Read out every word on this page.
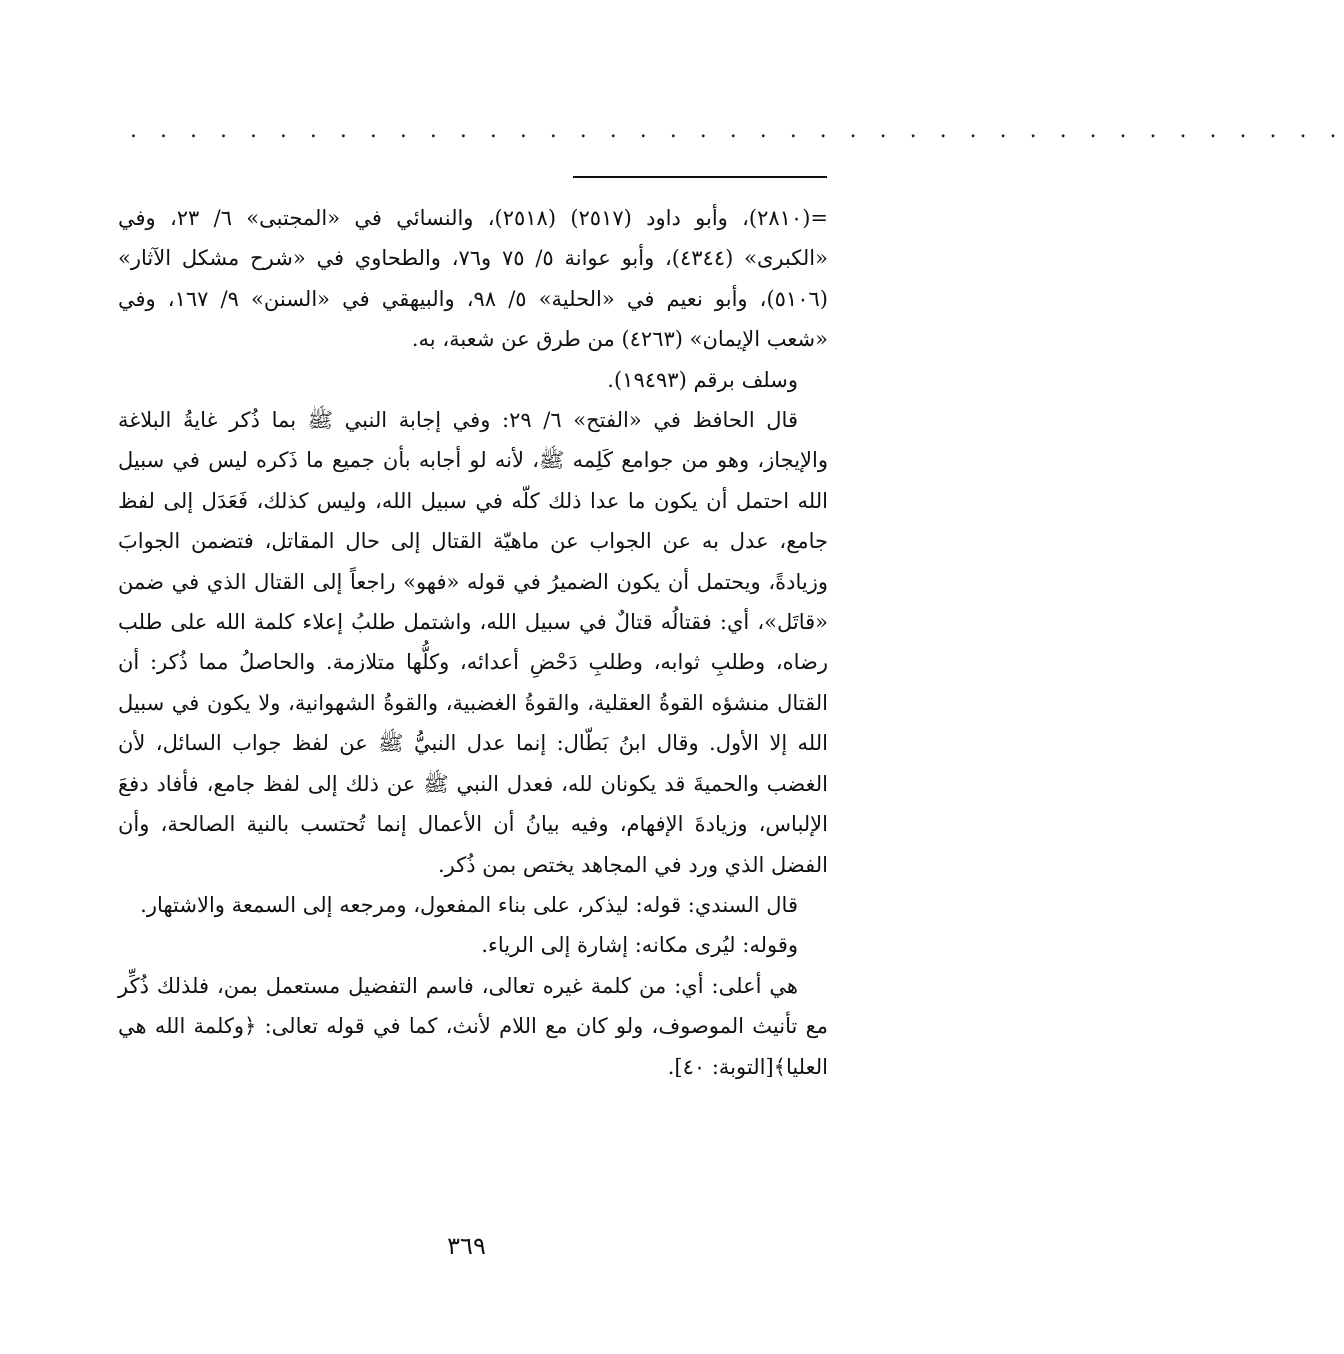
. . . . . . . . . . . . . . . . . . . . . . . . . . . . . . . . . . . . . . . . .

=(٢٨١٠)، وأبو داود (٢٥١٧) (٢٥١٨)، والنسائي في «المجتبى» ٦/ ٢٣، وفي «الكبرى» (٤٣٤٤)، وأبو عوانة ٥/ ٧٥ و٧٦، والطحاوي في «شرح مشكل الآثار» (٥١٠٦)، وأبو نعيم في «الحلية» ٥/ ٩٨، والبيهقي في «السنن» ٩/ ١٦٧، وفي «شعب الإيمان» (٤٢٦٣) من طرق عن شعبة، به.

وسلف برقم (١٩٤٩٣).

قال الحافظ في «الفتح» ٦/ ٢٩: وفي إجابة النبي ﷺ بما ذُكر غايةُ البلاغة والإيجاز، وهو من جوامع كَلِمه ﷺ، لأنه لو أجابه بأن جميع ما ذَكره ليس في سبيل الله احتمل أن يكون ما عدا ذلك كلّه في سبيل الله، وليس كذلك، فَعَدَل إلى لفظ جامع، عدل به عن الجواب عن ماهيّة القتال إلى حال المقاتل، فتضمن الجوابَ وزيادةً، ويحتمل أن يكون الضميرُ في قوله «فهو» راجعاً إلى القتال الذي في ضمن «قاتَل»، أي: فقتالُه قتالٌ في سبيل الله، واشتمل طلبُ إعلاء كلمة الله على طلب رضاه، وطلبِ ثوابه، وطلبِ دَحْضِ أعدائه، وكلُّها متلازمة. والحاصلُ مما ذُكر: أن القتال منشؤه القوةُ العقلية، والقوةُ الغضبية، والقوةُ الشهوانية، ولا يكون في سبيل الله إلا الأول. وقال ابنُ بَطّال: إنما عدل النبيُّ ﷺ عن لفظ جواب السائل، لأن الغضب والحميةَ قد يكونان لله، فعدل النبي ﷺ عن ذلك إلى لفظ جامع، فأفاد دفعَ الإلباس، وزيادةَ الإفهام، وفيه بيانُ أن الأعمال إنما تُحتسب بالنية الصالحة، وأن الفضل الذي ورد في المجاهد يختص بمن ذُكر.

قال السندي: قوله: ليذكر، على بناء المفعول، ومرجعه إلى السمعة والاشتهار.

وقوله: ليُرى مكانه: إشارة إلى الرياء.

هي أعلى: أي: من كلمة غيره تعالى، فاسم التفضيل مستعمل بمن، فلذلك ذُكِّر مع تأنيث الموصوف، ولو كان مع اللام لأنث، كما في قوله تعالى: ﴿وكلمة الله هي العليا﴾[التوبة: ٤٠].

٣٦٩
